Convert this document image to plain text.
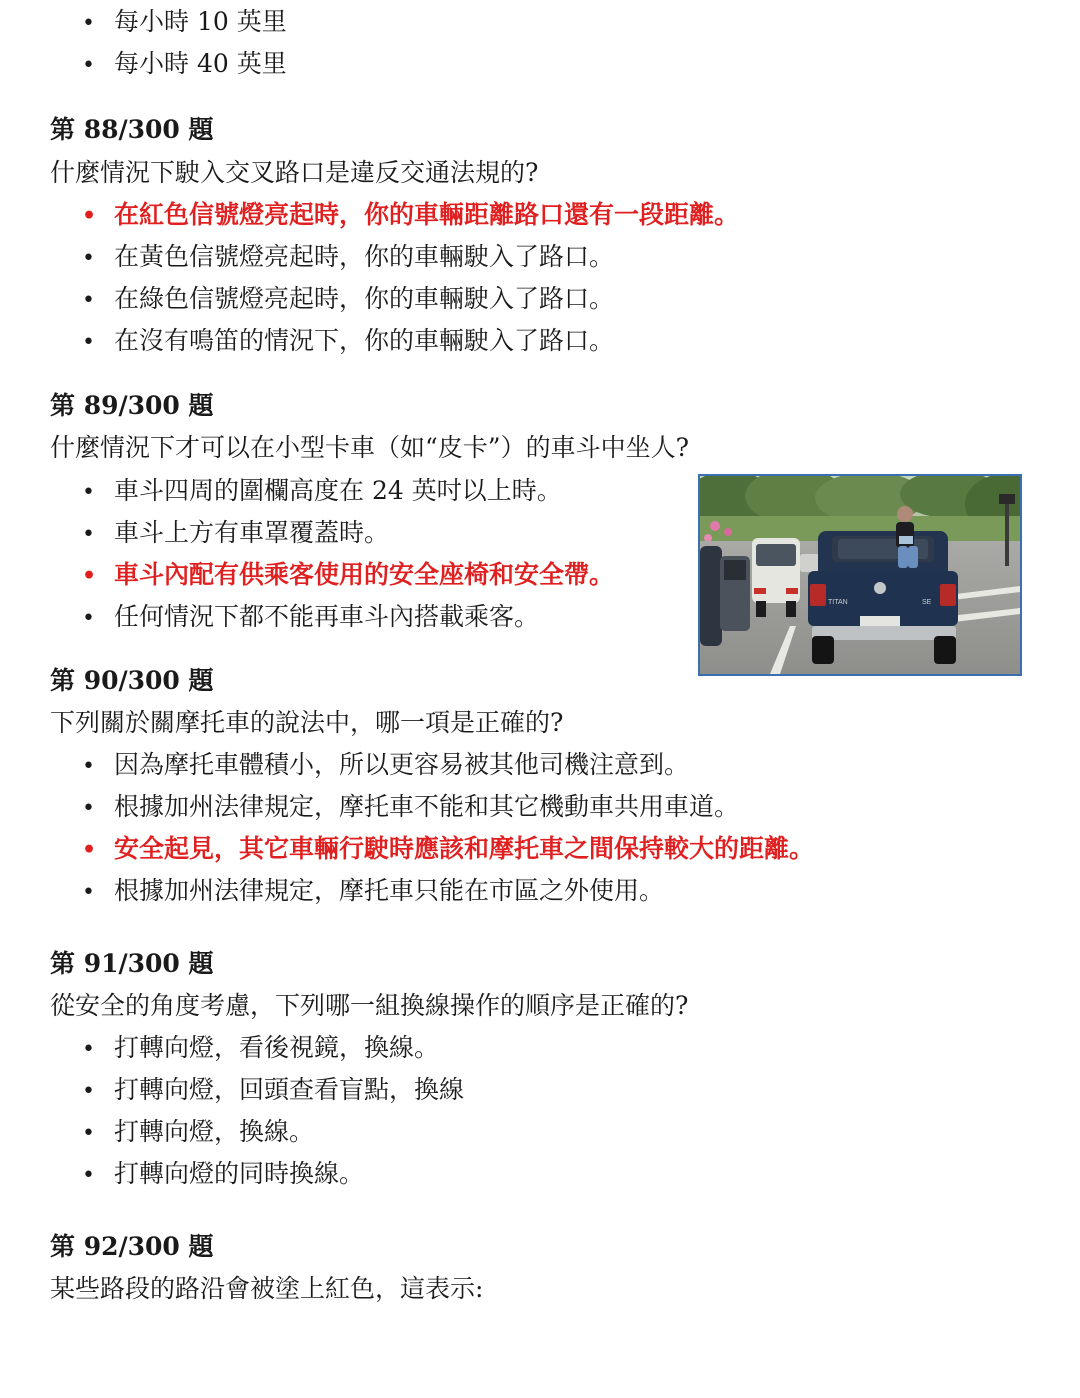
• 每小時 10 英里
• 每小時 40 英里
第 88/300 題
什麼情況下駛入交叉路口是違反交通法規的?
• 在紅色信號燈亮起時，你的車輛距離路口還有一段距離。
• 在黃色信號燈亮起時，你的車輛駛入了路口。
• 在綠色信號燈亮起時，你的車輛駛入了路口。
• 在沒有鳴笛的情況下，你的車輛駛入了路口。
第 89/300 題
什麼情況下才可以在小型卡車（如“皮卡”）的車斗中坐人?
• 車斗四周的圍欄高度在 24 英吋以上時。
• 車斗上方有車罩覆蓋時。
• 車斗內配有供乘客使用的安全座椅和安全帶。
• 任何情況下都不能再車斗內搭載乘客。	TITAN	SE
第 90/300 題
下列關於關摩托車的說法中，哪一項是正確的?
• 因為摩托車體積小，所以更容易被其他司機注意到。
• 根據加州法律規定，摩托車不能和其它機動車共用車道。
• 安全起見，其它車輛行駛時應該和摩托車之間保持較大的距離。
• 根據加州法律規定，摩托車只能在市區之外使用。
第 91/300 題
從安全的角度考慮，下列哪一組換線操作的順序是正確的?
• 打轉向燈，看後視鏡，換線。
• 打轉向燈，回頭查看盲點，換線
• 打轉向燈，換線。
• 打轉向燈的同時換線。
第 92/300 題
某些路段的路沿會被塗上紅色，這表示:
